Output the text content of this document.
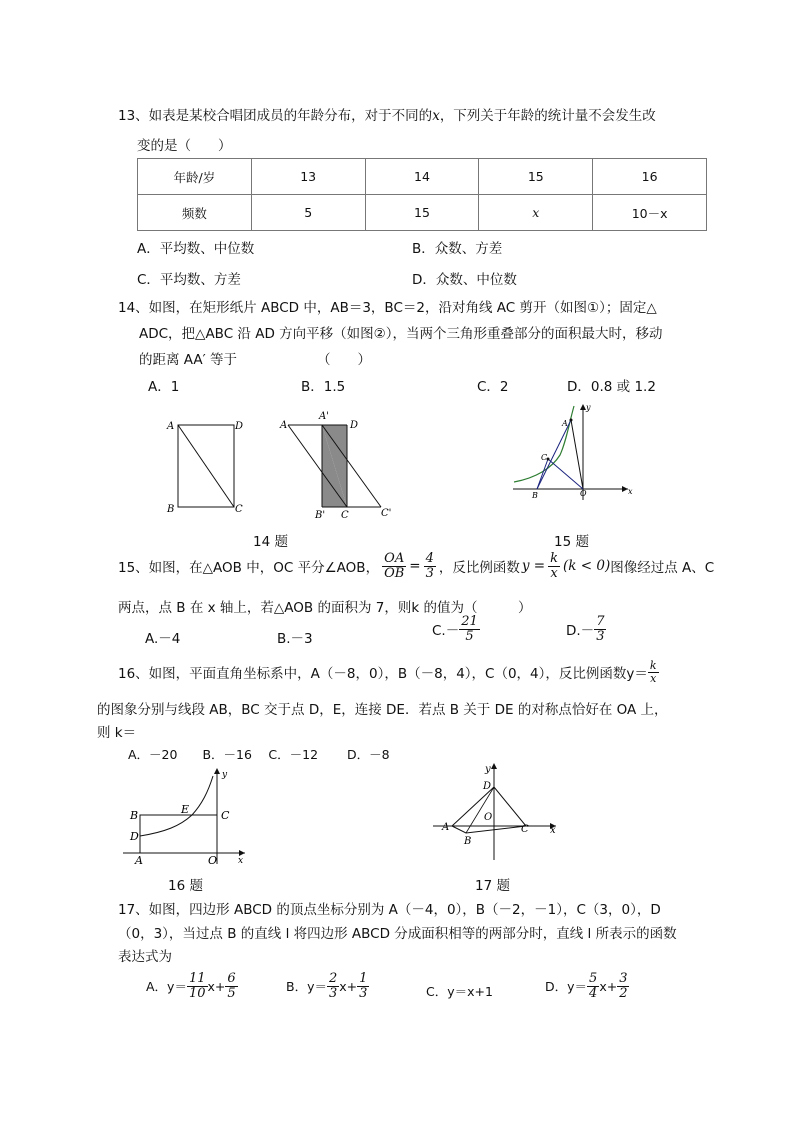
13、如表是某校合唱团成员的年龄分布，对于不同的x，下列关于年龄的统计量不会发生改
变的是（　　）
年龄/岁	13	14	15	16
频数	5	15	x	10－x
A．平均数、中位数	B．众数、方差
C．平均数、方差	D．众数、中位数
14、如图，在矩形纸片 ABCD 中，AB＝3，BC＝2，沿对角线 AC 剪开（如图①）；固定△
ADC，把△ABC 沿 AD 方向平移（如图②），当两个三角形重叠部分的面积最大时，移动
的距离 AA′ 等于	（　　）
A．1	B．1.5	C．2	D．0.8 或 1.2
A	D
B	C
A
A'
D
B' C	C'
14 题
A
C
B	O	x
y
15 题
15、如图，在△AOB 中，OC 平分∠AOB， $\frac{OA}{OB} = \frac{4}{3}$ ，反比例函数 $y = \frac{k}{x} (k < 0)$ 图像经过点 A、C
两点，点 B 在 x 轴上，若△AOB 的面积为 7，则k 的值为（　　　）
A.－4	B.－3	$C.- \frac{21}{5}$	$D.- \frac{7}{3}$
16、如图，平面直角坐标系中，A（－8，0），B（－8，4），C（0，4），反比例函数$y= \frac{k}{x}$
的图象分别与线段 AB，BC 交于点 D，E，连接 DE．若点 B 关于 DE 的对称点恰好在 OA 上，
则 k＝
A．－20　　B．－16　 C．－12　　 D．－8
B	E	C
D
A	O x
y
16 题
y
D
O
A	C x
B
17 题
17、如图，四边形 ABCD 的顶点坐标分别为 A（－4，0），B（－2，－1），C（3，0），D
（0，3），当过点 B 的直线 l 将四边形 ABCD 分成面积相等的两部分时，直线 l 所表示的函数
表达式为
A．$y= \frac{11}{10} x+ \frac{6}{5}$	B．$y= \frac{2}{3} x+ \frac{1}{3}$	C．y＝x+1	D．$y= \frac{5}{4} x+ \frac{3}{2}$
